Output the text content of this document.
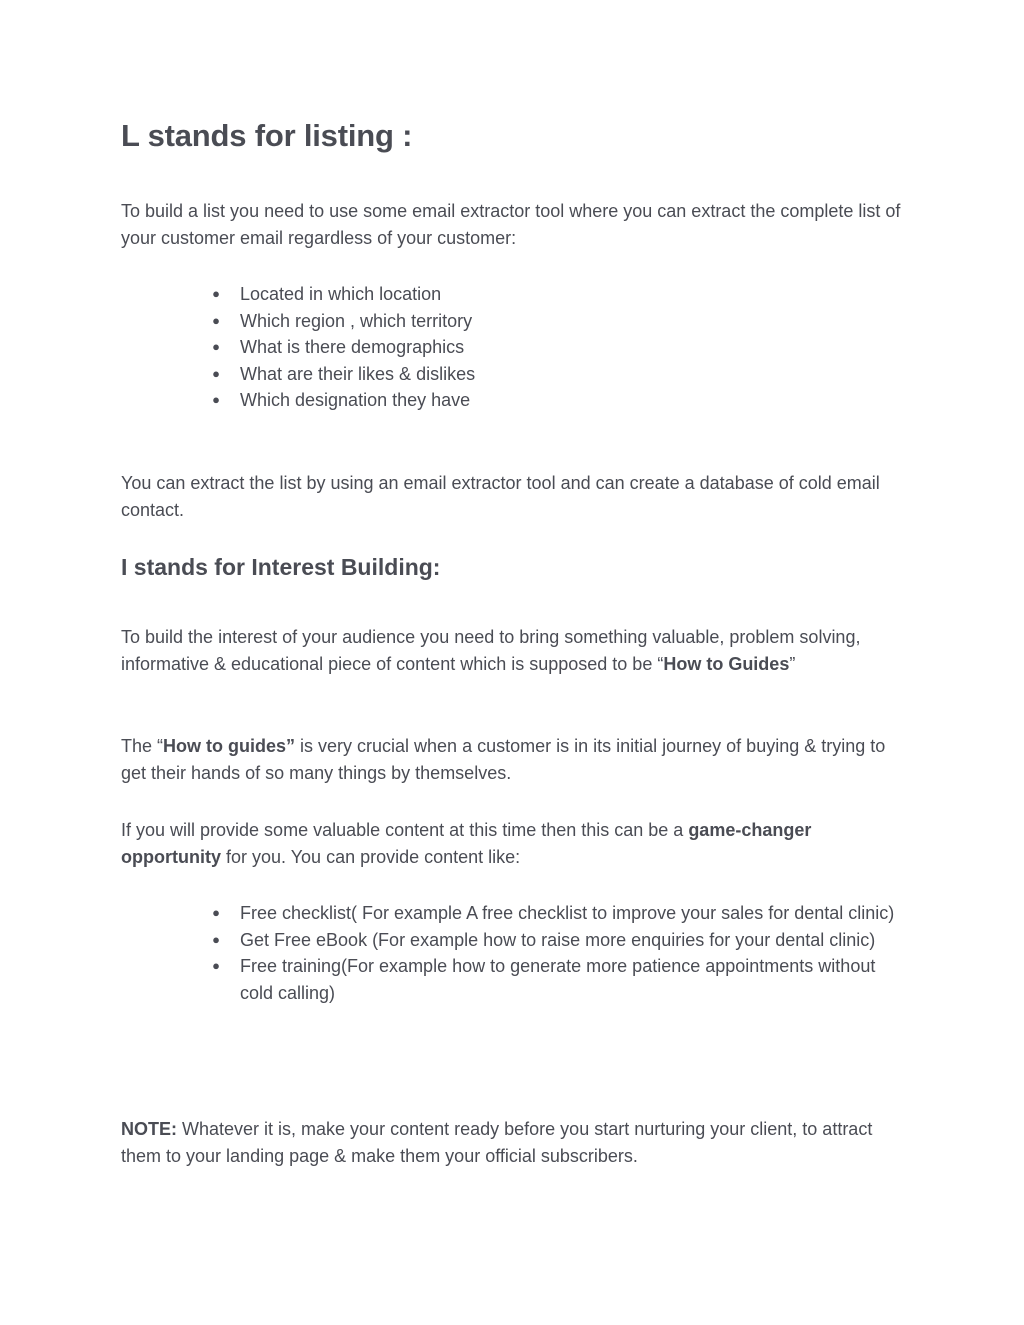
L stands for listing :

To build a list you need to use some email extractor tool where you can extract the complete list of your customer email regardless of your customer:

● Located in which location
● Which region , which territory
● What is there demographics
● What are their likes & dislikes
● Which designation they have

You can extract the list by using an email extractor tool and can create a database of cold email contact.

I stands for Interest Building:

To build the interest of your audience you need to bring something valuable, problem solving, informative & educational piece of content which is supposed to be “How to Guides”

The “How to guides” is very crucial when a customer is in its initial journey of buying & trying to get their hands of so many things by themselves.

If you will provide some valuable content at this time then this can be a game-changer opportunity for you. You can provide content like:

● Free checklist( For example A free checklist to improve your sales for dental clinic)
● Get Free eBook (For example how to raise more enquiries for your dental clinic)
● Free training(For example how to generate more patience appointments without cold calling)

NOTE: Whatever it is, make your content ready before you start nurturing your client, to attract them to your landing page & make them your official subscribers.
